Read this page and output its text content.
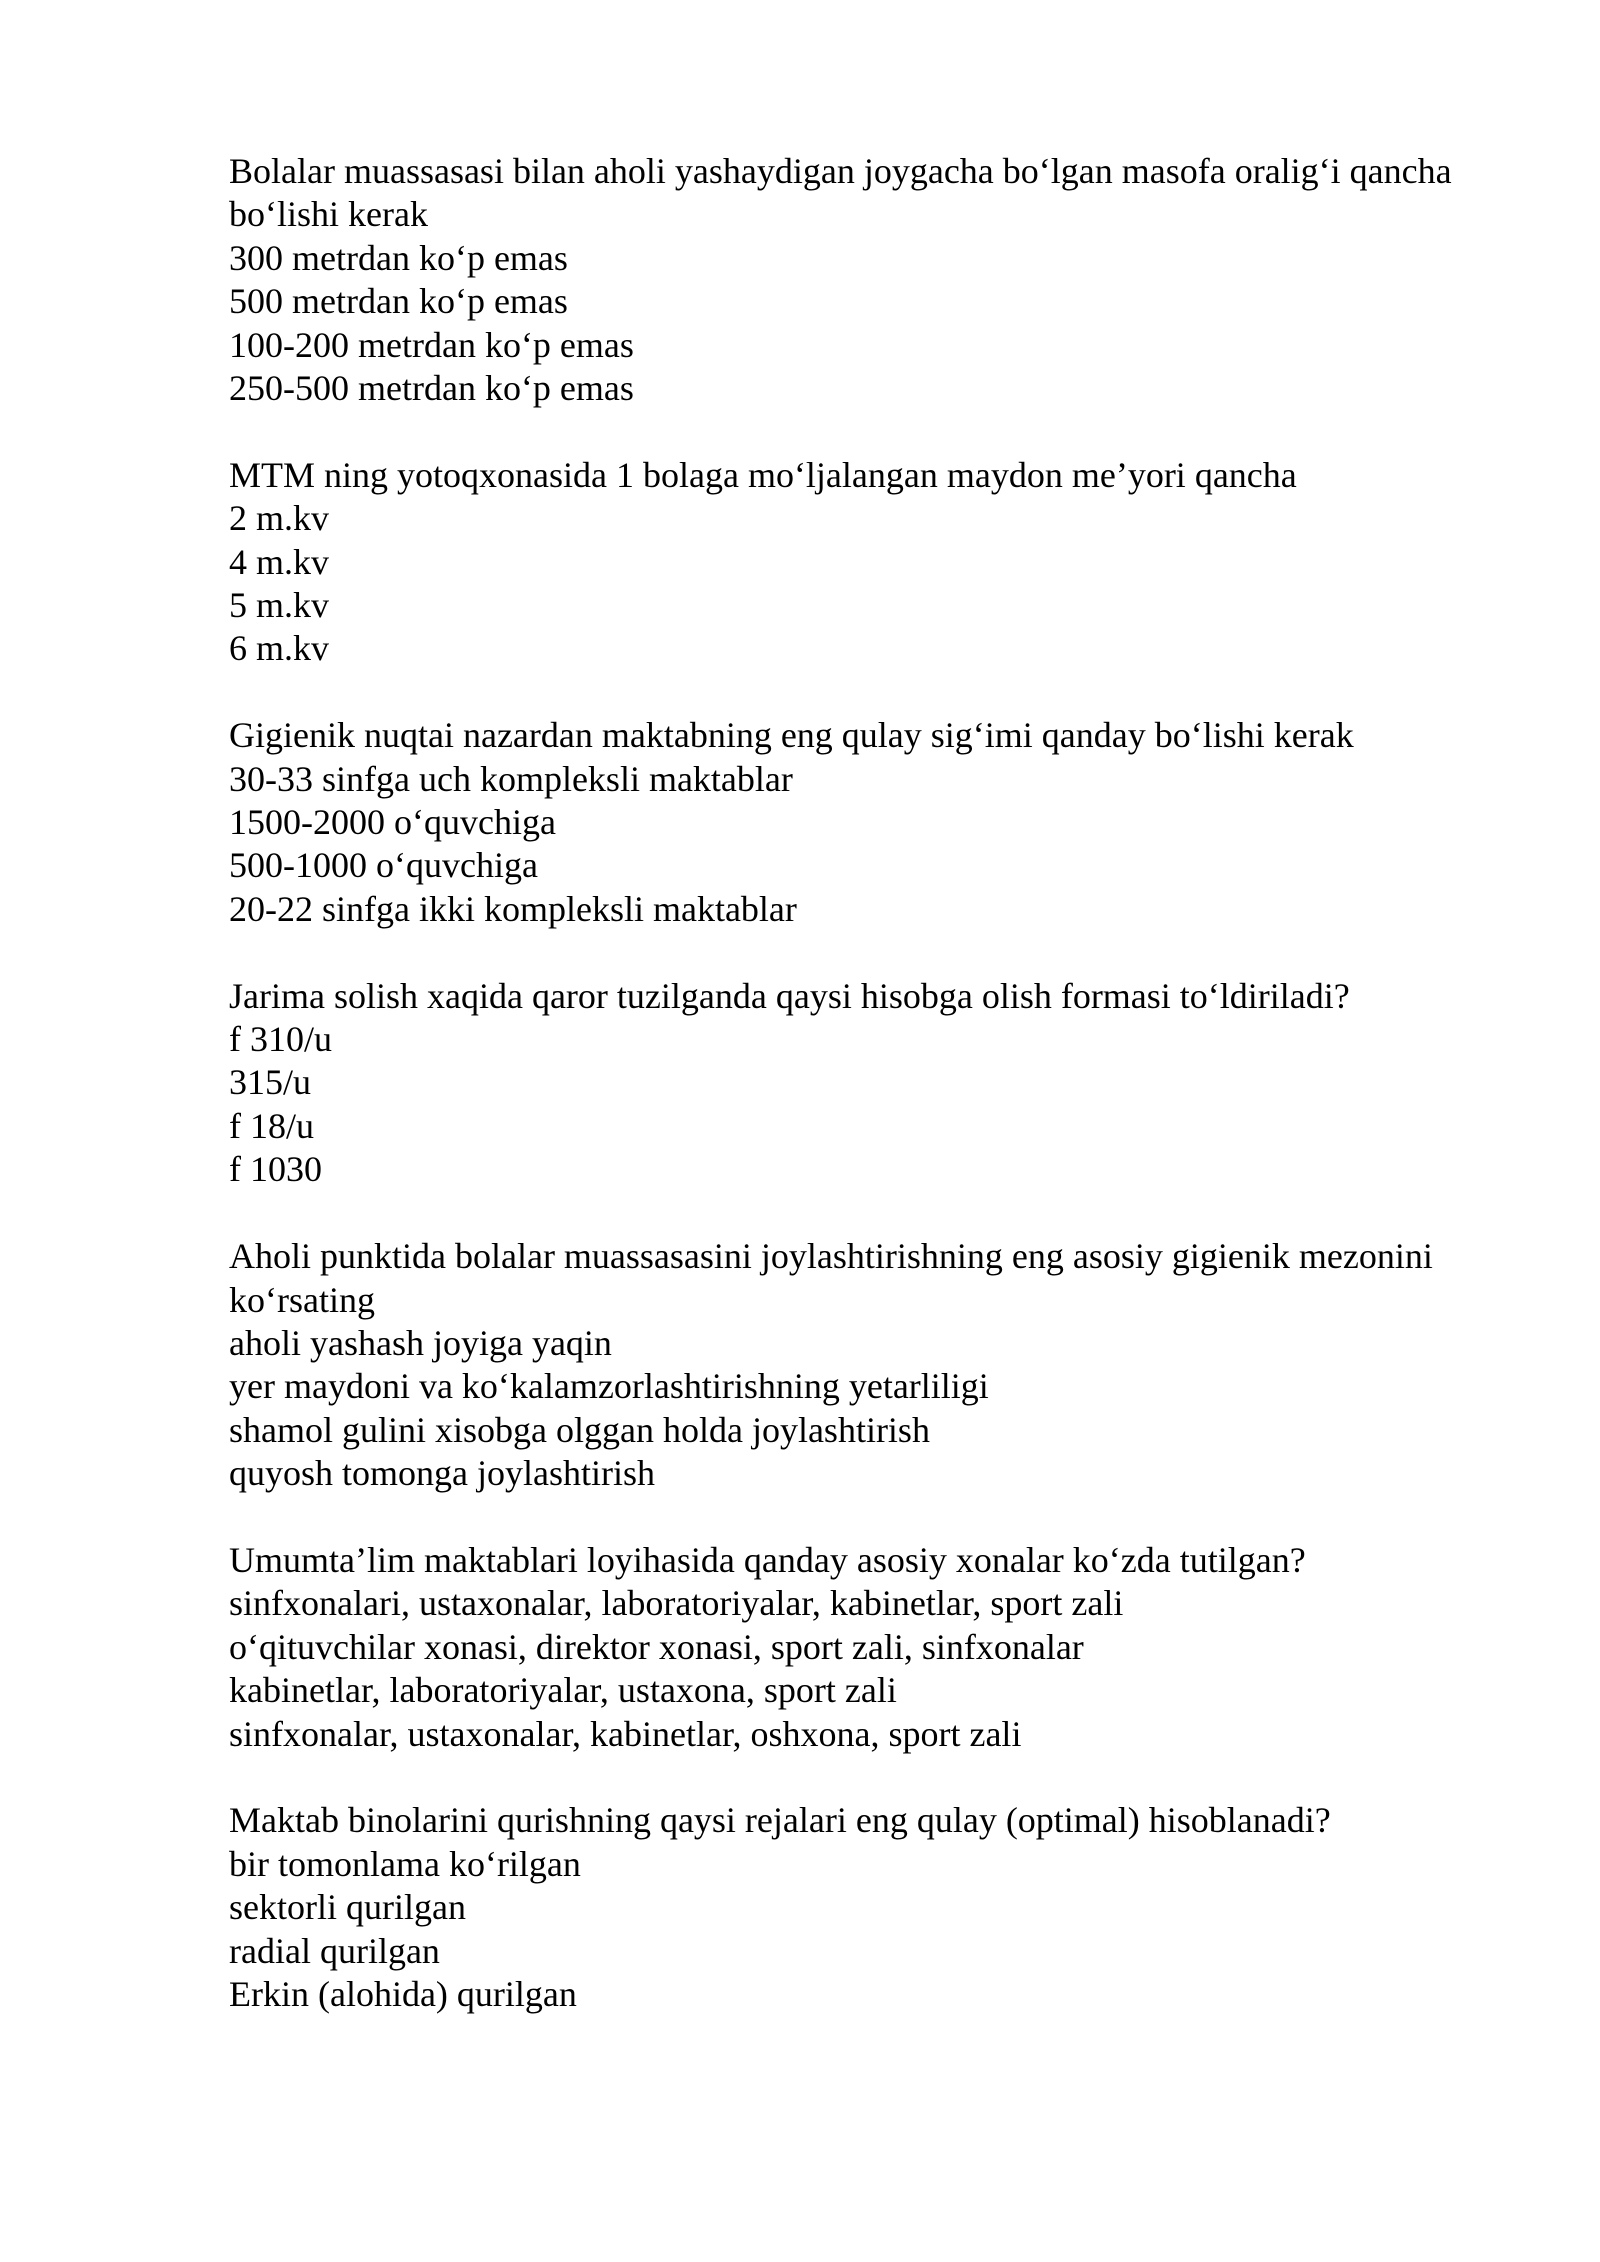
Bolalar muassasasi bilan aholi yashaydigan joygacha bo‘lgan masofa oralig‘i qancha bo‘lishi kerak

300 metrdan ko‘p emas

500 metrdan ko‘p emas

100-200 metrdan ko‘p emas

250-500 metrdan ko‘p emas

MTM ning yotoqxonasida 1 bolaga mo‘ljalangan maydon me’yori qancha

2 m.kv

4 m.kv

5 m.kv

6 m.kv

Gigienik nuqtai nazardan maktabning eng qulay sig‘imi qanday bo‘lishi kerak

30-33 sinfga uch kompleksli maktablar

1500-2000 o‘quvchiga

500-1000 o‘quvchiga

20-22 sinfga ikki kompleksli maktablar

Jarima solish xaqida qaror tuzilganda qaysi hisobga olish formasi to‘ldiriladi?

f 310/u

315/u

f 18/u

f 1030

Aholi punktida bolalar muassasasini joylashtirishning eng asosiy gigienik mezonini ko‘rsating

aholi yashash joyiga yaqin

yer maydoni va ko‘kalamzorlashtirishning yetarliligi

shamol gulini xisobga olggan holda joylashtirish

quyosh tomonga joylashtirish

Umumta’lim maktablari loyihasida qanday asosiy xonalar ko‘zda tutilgan?

sinfxonalari, ustaxonalar, laboratoriyalar, kabinetlar, sport zali

o‘qituvchilar xonasi, direktor xonasi, sport zali, sinfxonalar

kabinetlar, laboratoriyalar, ustaxona, sport zali

sinfxonalar, ustaxonalar, kabinetlar, oshxona, sport zali

Maktab binolarini qurishning qaysi rejalari eng qulay (optimal) hisoblanadi?

bir tomonlama ko‘rilgan

sektorli qurilgan

radial qurilgan

Erkin (alohida) qurilgan
